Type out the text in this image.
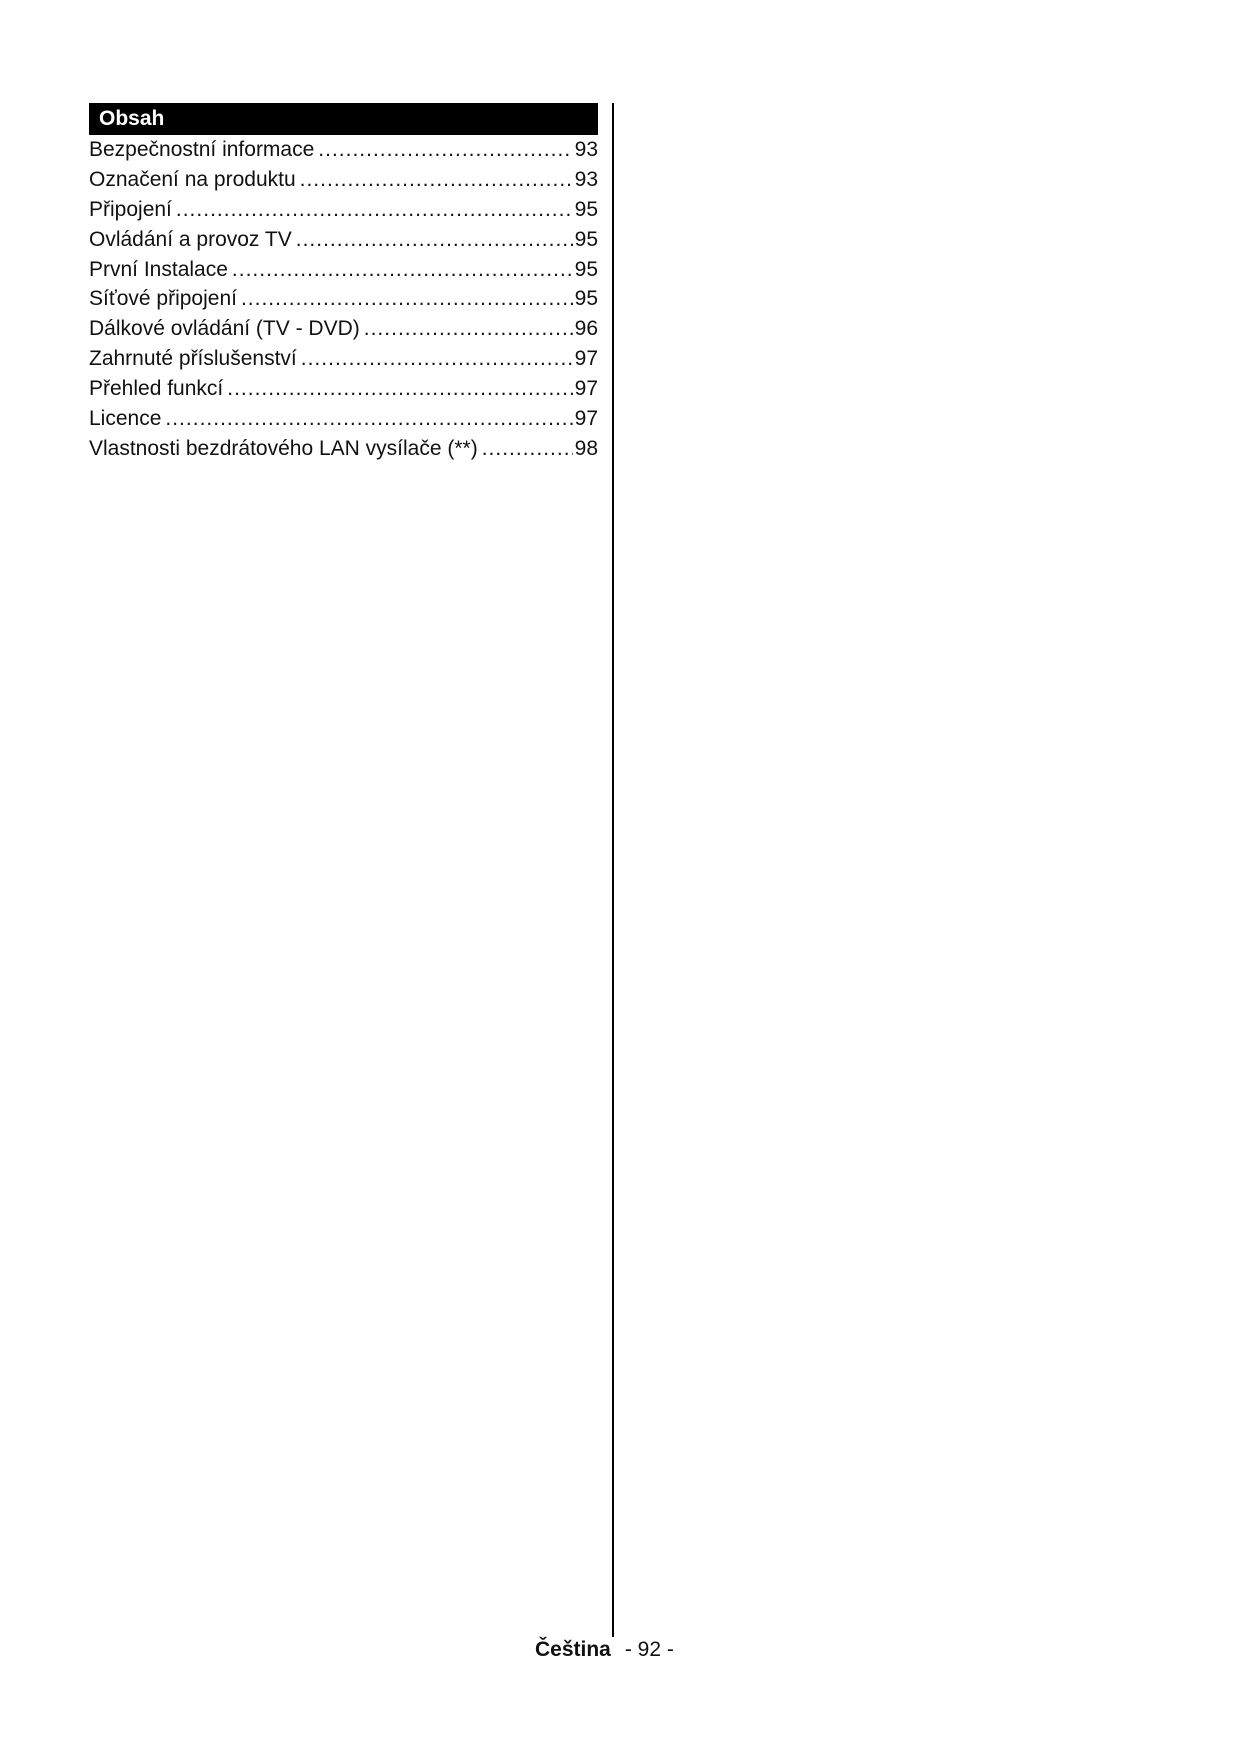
Obsah
Bezpečnostní informace .....	93
Označení na produktu .....	93
Připojení .....	95
Ovládání a provoz TV .....	95
První Instalace .....	95
Síťové připojení .....	95
Dálkové ovládání (TV - DVD) .....	96
Zahrnuté příslušenství .....	97
Přehled funkcí .....	97
Licence .....	97
Vlastnosti bezdrátového LAN vysílače (**) .....	98
Čeština - 92 -
